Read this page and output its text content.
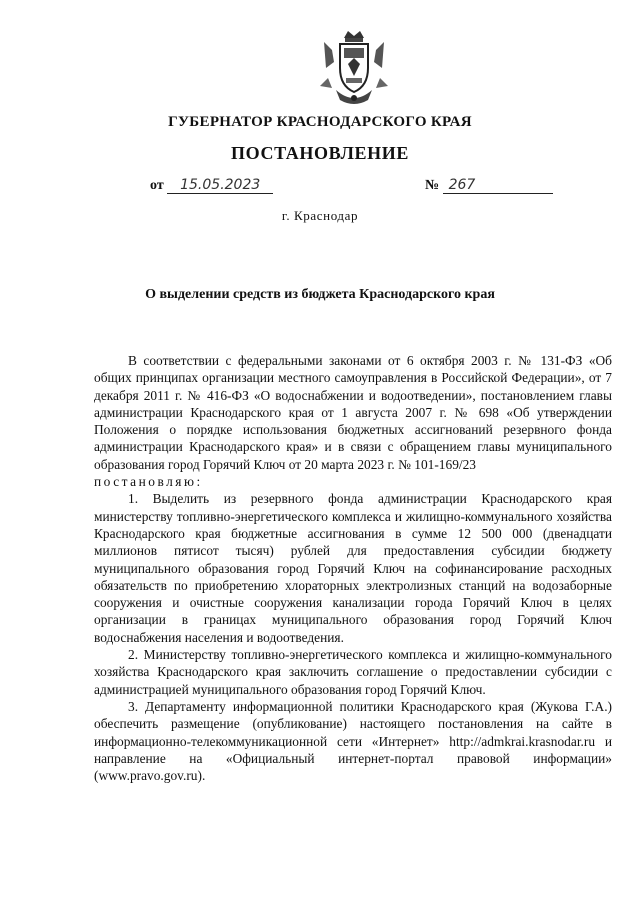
ГУБЕРНАТОР КРАСНОДАРСКОГО КРАЯ
ПОСТАНОВЛЕНИЕ
от 15.05.2023	№ 267
г. Краснодар
О выделении средств из бюджета Краснодарского края

В соответствии с федеральными законами от 6 октября 2003 г. № 131-ФЗ «Об общих принципах организации местного самоуправления в Российской Федерации», от 7 декабря 2011 г. № 416-ФЗ «О водоснабжении и водоотведении», постановлением главы администрации Краснодарского края от 1 августа 2007 г. № 698 «Об утверждении Положения о порядке использования бюджетных ассигнований резервного фонда администрации Краснодарского края» и в связи с обращением главы муниципального образования город Горячий Ключ от 20 марта 2023 г. № 101-169/23

постановляю:

1. Выделить из резервного фонда администрации Краснодарского края министерству топливно-энергетического комплекса и жилищно-коммунального хозяйства Краснодарского края бюджетные ассигнования в сумме 12 500 000 (двенадцати миллионов пятисот тысяч) рублей для предоставления субсидии бюджету муниципального образования город Горячий Ключ на софинансирование расходных обязательств по приобретению хлораторных электролизных станций на водозаборные сооружения и очистные сооружения канализации города Горячий Ключ в целях организации в границах муниципального образования город Горячий Ключ водоснабжения населения и водоотведения.

2. Министерству топливно-энергетического комплекса и жилищно-коммунального хозяйства Краснодарского края заключить соглашение о предоставлении субсидии с администрацией муниципального образования город Горячий Ключ.

3. Департаменту информационной политики Краснодарского края (Жукова Г.А.) обеспечить размещение (опубликование) настоящего постановления на сайте в информационно-телекоммуникационной сети «Интернет» http://admkrai.krasnodar.ru и направление на «Официальный интернет-портал правовой информации» (www.pravo.gov.ru).
